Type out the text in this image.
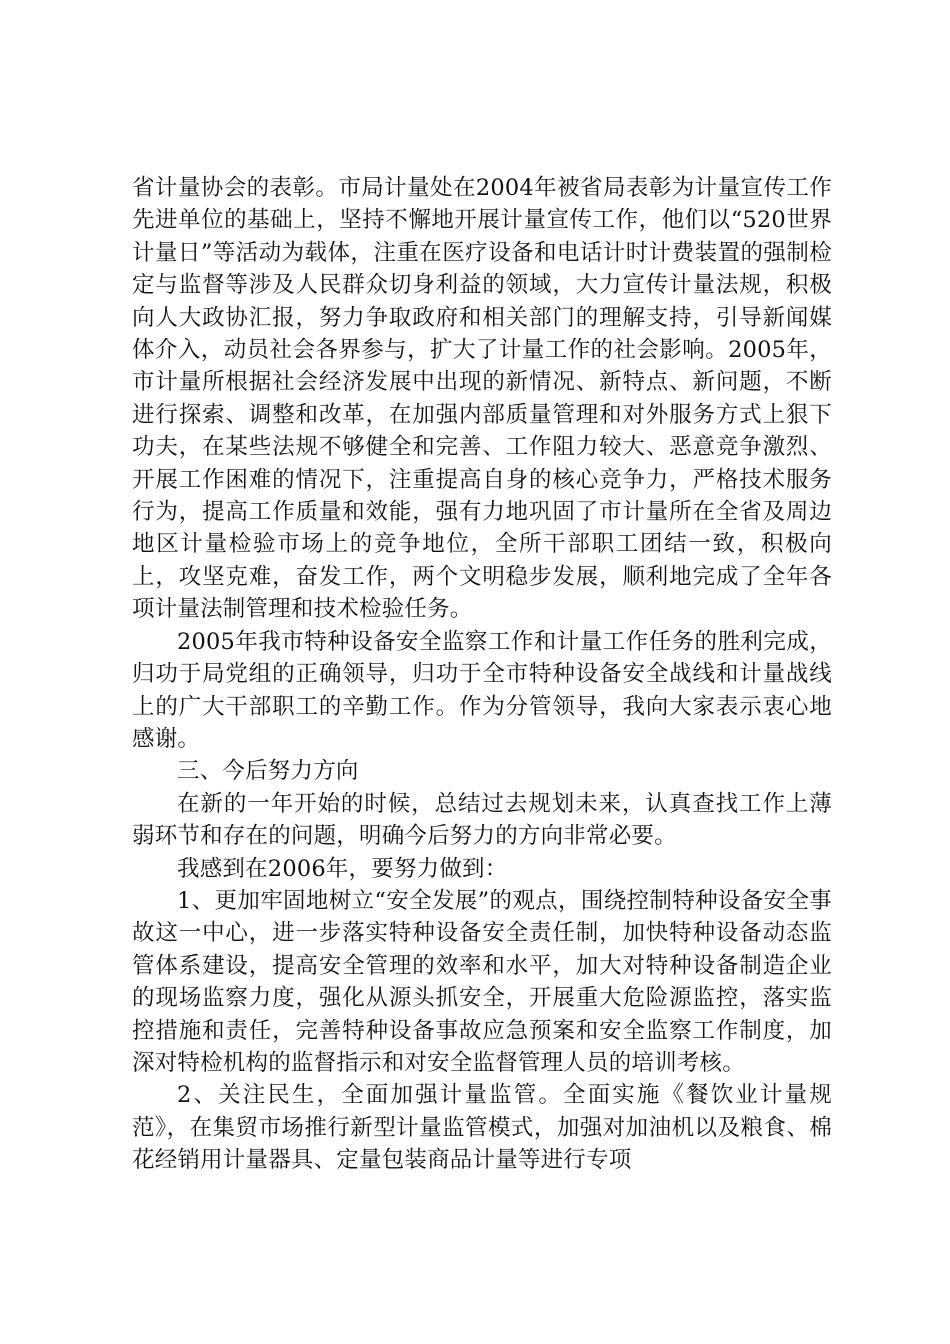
省计量协会的表彰。市局计量处在2004年被省局表彰为计量宣传工作先进单位的基础上，坚持不懈地开展计量宣传工作，他们以“520世界计量日”等活动为载体，注重在医疗设备和电话计时计费装置的强制检定与监督等涉及人民群众切身利益的领域，大力宣传计量法规，积极向人大政协汇报，努力争取政府和相关部门的理解支持，引导新闻媒体介入，动员社会各界参与，扩大了计量工作的社会影响。2005年，市计量所根据社会经济发展中出现的新情况、新特点、新问题，不断进行探索、调整和改革，在加强内部质量管理和对外服务方式上狠下功夫，在某些法规不够健全和完善、工作阻力较大、恶意竞争激烈、开展工作困难的情况下，注重提高自身的核心竞争力，严格技术服务行为，提高工作质量和效能，强有力地巩固了市计量所在全省及周边地区计量检验市场上的竞争地位，全所干部职工团结一致，积极向上，攻坚克难，奋发工作，两个文明稳步发展，顺利地完成了全年各项计量法制管理和技术检验任务。

2005年我市特种设备安全监察工作和计量工作任务的胜利完成，归功于局党组的正确领导，归功于全市特种设备安全战线和计量战线上的广大干部职工的辛勤工作。作为分管领导，我向大家表示衷心地感谢。

三、今后努力方向

在新的一年开始的时候，总结过去规划未来，认真查找工作上薄弱环节和存在的问题，明确今后努力的方向非常必要。

我感到在2006年，要努力做到：

1、更加牢固地树立“安全发展”的观点，围绕控制特种设备安全事故这一中心，进一步落实特种设备安全责任制，加快特种设备动态监管体系建设，提高安全管理的效率和水平，加大对特种设备制造企业的现场监察力度，强化从源头抓安全，开展重大危险源监控，落实监控措施和责任，完善特种设备事故应急预案和安全监察工作制度，加深对特检机构的监督指示和对安全监督管理人员的培训考核。

2、关注民生，全面加强计量监管。全面实施《餐饮业计量规范》，在集贸市场推行新型计量监管模式，加强对加油机以及粮食、棉花经销用计量器具、定量包装商品计量等进行专项
